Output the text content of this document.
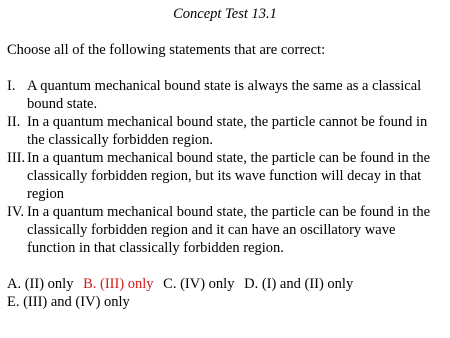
Concept Test 13.1
Choose all of the following statements that are correct:
I. A quantum mechanical bound state is always the same as a classical
bound state.
II. In a quantum mechanical bound state, the particle cannot be found in
the classically forbidden region.
III. In a quantum mechanical bound state, the particle can be found in the
classically forbidden region, but its wave function will decay in that
region
IV. In a quantum mechanical bound state, the particle can be found in the
classically forbidden region and it can have an oscillatory wave
function in that classically forbidden region.
A. (II) only B. (III) only C. (IV) only D. (I) and (II) only
E. (III) and (IV) only
